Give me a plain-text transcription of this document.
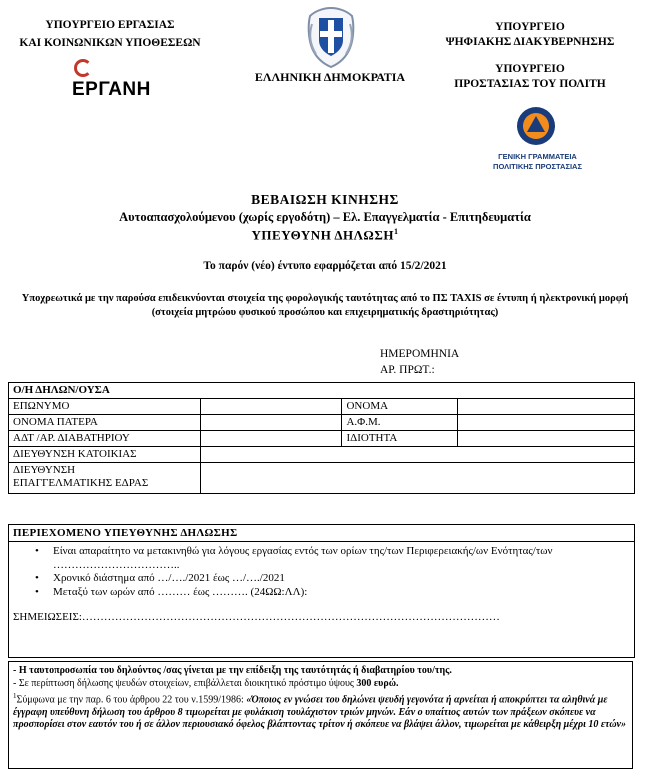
ΥΠΟΥΡΓΕΙΟ ΕΡΓΑΣΙΑΣ
ΚΑΙ ΚΟΙΝΩΝΙΚΩΝ ΥΠΟΘΕΣΕΩΝ
ΕΡΓΑΝΗ
ΕΛΛΗΝΙΚΗ ΔΗΜΟΚΡΑΤΙΑ
ΥΠΟΥΡΓΕΙΟ
ΨΗΦΙΑΚΗΣ ΔΙΑΚΥΒΕΡΝΗΣΗΣ
ΥΠΟΥΡΓΕΙΟ
ΠΡΟΣΤΑΣΙΑΣ ΤΟΥ ΠΟΛΙΤΗ
ΓΕΝΙΚΗ ΓΡΑΜΜΑΤΕΙΑ
ΠΟΛΙΤΙΚΗΣ ΠΡΟΣΤΑΣΙΑΣ
ΒΕΒΑΙΩΣΗ ΚΙΝΗΣΗΣ
Αυτοαπασχολούμενου (χωρίς εργοδότη) – Ελ. Επαγγελματία - Επιτηδευματία
ΥΠΕΥΘΥΝΗ ΔΗΛΩΣΗ$^1$
Το παρόν (νέο) έντυπο εφαρμόζεται από 15/2/2021
Υποχρεωτικά με την παρούσα επιδεικνύονται στοιχεία της φορολογικής ταυτότητας από το ΠΣ TAXIS σε έντυπη ή ηλεκτρονική μορφή (στοιχεία μητρώου φυσικού προσώπου και επιχειρηματικής δραστηριότητας)
ΗΜΕΡΟΜΗΝΙΑ
ΑΡ. ΠΡΩΤ.:
Ο/Η ΔΗΛΩΝ/ΟΥΣΑ			
ΕΠΩΝΥΜΟ		ΟΝΟΜΑ	
ΟΝΟΜΑ ΠΑΤΕΡΑ		Α.Φ.Μ.	
ΑΔΤ /ΑΡ. ΔΙΑΒΑΤΗΡΙΟΥ		ΙΔΙΟΤΗΤΑ	
ΔΙΕΥΘΥΝΣΗ ΚΑΤΟΙΚΙΑΣ			

ΔΙΕΥΘΥΝΣΗ
ΕΠΑΓΓΕΛΜΑΤΙΚΗΣ ΕΔΡΑΣ			

ΠΕΡΙΕΧΟΜΕΝΟ ΥΠΕΥΘΥΝΗΣ ΔΗΛΩΣΗΣ
• Είναι απαραίτητο να μετακινηθώ για λόγους εργασίας εντός των ορίων της/των Περιφερειακής/ων Ενότητας/των ……………………………..
• Χρονικό διάστημα από …/…./2021 έως …/…./2021
• Μεταξύ των ωρών από ……… έως ………. (24ΩΩ:ΛΛ):
ΣΗΜΕΙΩΣΕΙΣ:……………………………………………………………………………………………………
- Η ταυτοπροσωπία του δηλούντος /σας γίνεται με την επίδειξη της ταυτότητάς ή διαβατηρίου του/της.
- Σε περίπτωση δήλωσης ψευδών στοιχείων, επιβάλλεται διοικητικό πρόστιμο ύψους 300 ευρώ.
$^1$Σύμφωνα με την παρ. 6 του άρθρου 22 του ν.1599/1986: «Όποιος εν γνώσει του δηλώνει ψευδή γεγονότα ή αρνείται ή αποκρύπτει τα αληθινά με έγγραφη υπεύθυνη δήλωση του άρθρου 8 τιμωρείται με φυλάκιση τουλάχιστον τριών μηνών. Εάν ο υπαίτιος αυτών των πράξεων σκόπευε να προσπορίσει στον εαυτόν του ή σε άλλον περιουσιακό όφελος βλάπτοντας τρίτον ή σκόπευε να βλάψει άλλον, τιμωρείται με κάθειρξη μέχρι 10 ετών»
